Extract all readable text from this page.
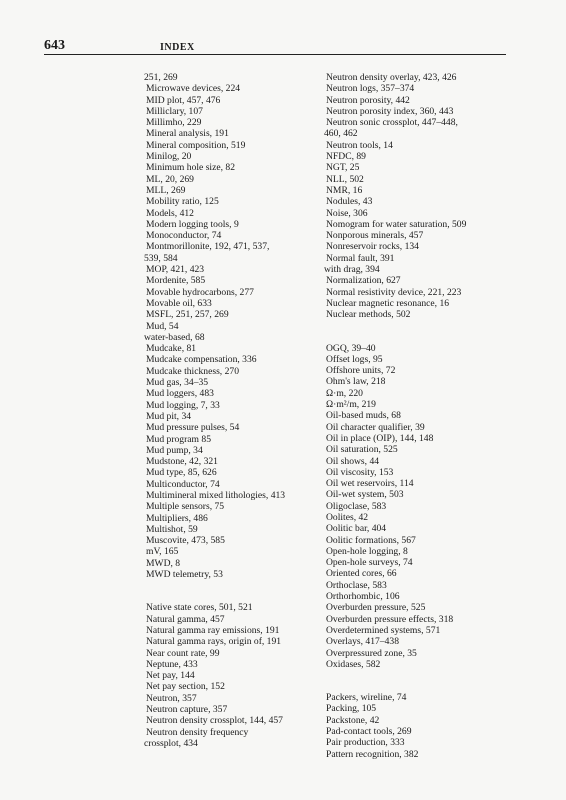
643	INDEX
251, 269
Microwave devices, 224
MID plot, 457, 476
Milliclary, 107
Millimho, 229
Mineral analysis, 191
Mineral composition, 519
Minilog, 20
Minimum hole size, 82
ML, 20, 269
MLL, 269
Mobility ratio, 125
Models, 412
Modern logging tools, 9
Monoconductor, 74
Montmorillonite, 192, 471, 537,
539, 584
MOP, 421, 423
Mordenite, 585
Movable hydrocarbons, 277
Movable oil, 633
MSFL, 251, 257, 269
Mud, 54
water-based, 68
Mudcake, 81
Mudcake compensation, 336
Mudcake thickness, 270
Mud gas, 34–35
Mud loggers, 483
Mud logging, 7, 33
Mud pit, 34
Mud pressure pulses, 54
Mud program 85
Mud pump, 34
Mudstone, 42, 321
Mud type, 85, 626
Multiconductor, 74
Multimineral mixed lithologies, 413
Multiple sensors, 75
Multipliers, 486
Multishot, 59
Muscovite, 473, 585
mV, 165
MWD, 8
MWD telemetry, 53
Native state cores, 501, 521
Natural gamma, 457
Natural gamma ray emissions, 191
Natural gamma rays, origin of, 191
Near count rate, 99
Neptune, 433
Net pay, 144
Net pay section, 152
Neutron, 357
Neutron capture, 357
Neutron density crossplot, 144, 457
Neutron density frequency
crossplot, 434
Neutron density overlay, 423, 426
Neutron logs, 357–374
Neutron porosity, 442
Neutron porosity index, 360, 443
Neutron sonic crossplot, 447–448,
460, 462
Neutron tools, 14
NFDC, 89
NGT, 25
NLL, 502
NMR, 16
Nodules, 43
Noise, 306
Nomogram for water saturation, 509
Nonporous minerals, 457
Nonreservoir rocks, 134
Normal fault, 391
with drag, 394
Normalization, 627
Normal resistivity device, 221, 223
Nuclear magnetic resonance, 16
Nuclear methods, 502
OGQ, 39–40
Offset logs, 95
Offshore units, 72
Ohm's law, 218
Ω·m, 220
Ω·m²/m, 219
Oil-based muds, 68
Oil character qualifier, 39
Oil in place (OIP), 144, 148
Oil saturation, 525
Oil shows, 44
Oil viscosity, 153
Oil wet reservoirs, 114
Oil-wet system, 503
Oligoclase, 583
Oolites, 42
Oolitic bar, 404
Oolitic formations, 567
Open-hole logging, 8
Open-hole surveys, 74
Oriented cores, 66
Orthoclase, 583
Orthorhombic, 106
Overburden pressure, 525
Overburden pressure effects, 318
Overdetermined systems, 571
Overlays, 417–438
Overpressured zone, 35
Oxidases, 582
Packers, wireline, 74
Packing, 105
Packstone, 42
Pad-contact tools, 269
Pair production, 333
Pattern recognition, 382
